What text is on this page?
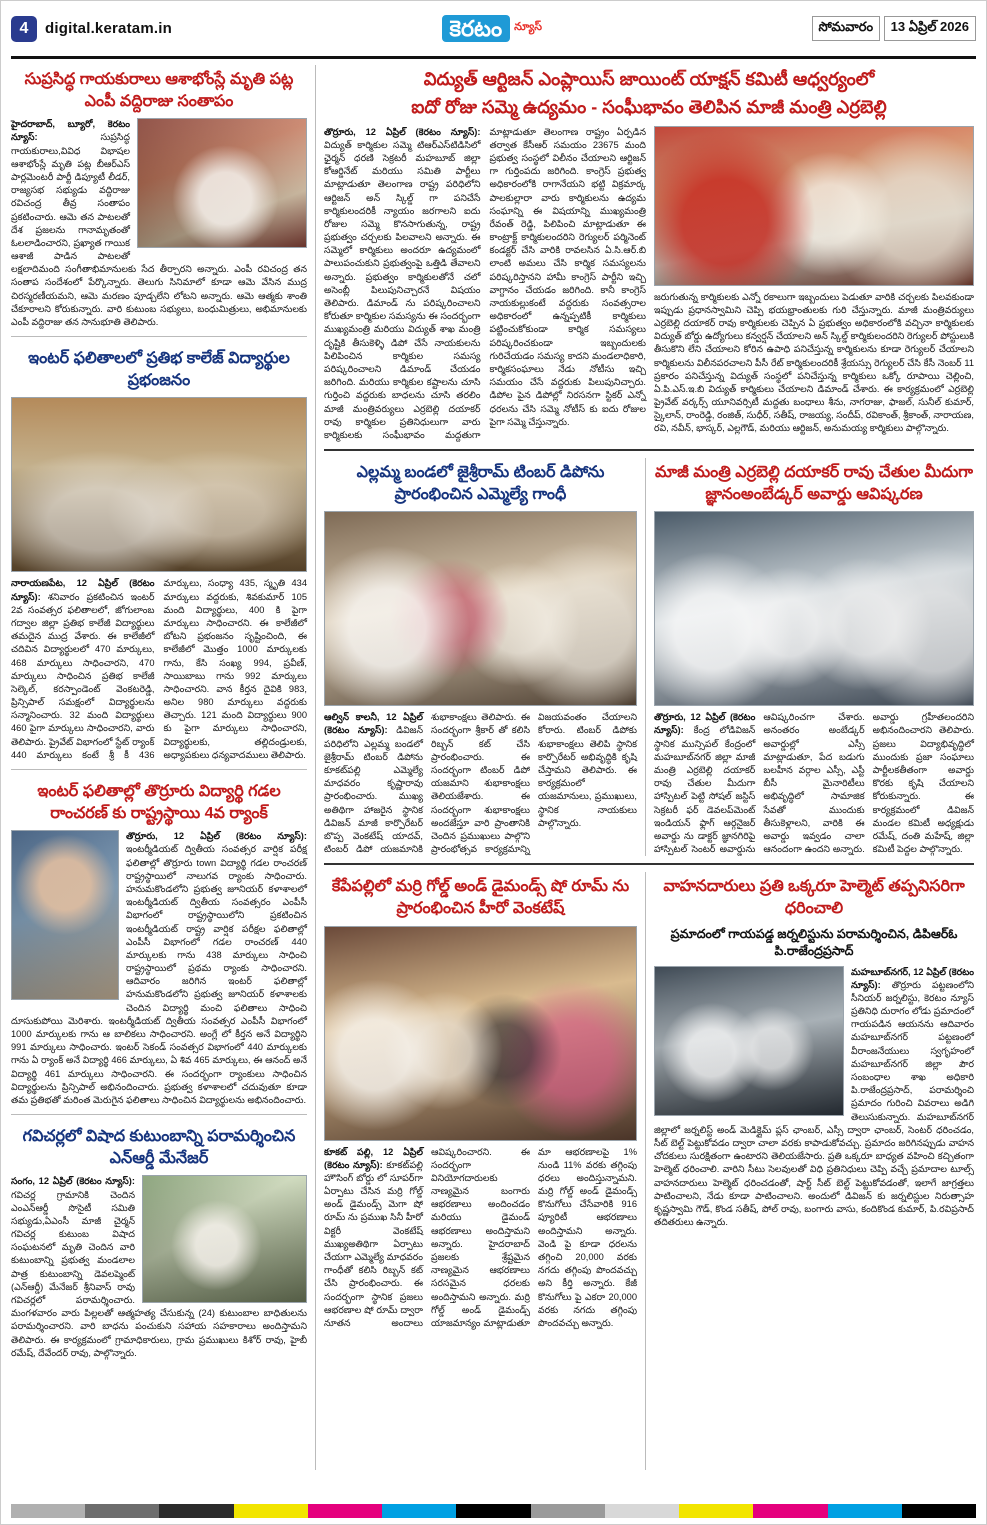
4	digital.keratam.in	కెరటం	న్యూస్	సోమవారం 13 ఏప్రిల్ 2026
సుప్రసిద్ధ గాయకురాలు ఆశాభోంస్లే మృతి పట్ల ఎంపీ వద్దిరాజు సంతాపం
హైదరాబాద్, బ్యూరో, కెరటం న్యూస్:	సుప్రసిద్ధ గాయకురాలు,వివిధ విభాషల ఆశాభోంస్లే మృతి పట్ల బీఆర్ఎస్ పార్లమెంటరీ పార్టీ డిప్యూటీ లీడర్, రాజ్యసభ సభ్యుడు వద్దిరాజు రవిచంద్ర తీవ్ర సంతాపం ప్రకటించారు. ఆమె తన పాటలతో దేశ ప్రజలను గానామృతంతో ఓలలాడించారని, ప్రఖ్యాత గాయిక ఆశాజీ పాడిన పాటలతో లక్షలాదిమంది సంగీతాభిమానులకు సేద తీర్చారని అన్నారు. ఎంపీ రవిచంద్ర తన సంతాప సందేశంలో పేర్కొన్నారు. తెలుగు సినిమాలో కూడా ఆమె వేసిన ముద్ర చిరస్మరణీయమని, ఆమె మరణం పూడ్చలేని లోటని అన్నారు. ఆమె ఆత్మకు శాంతి చేకూరాలని కోరుకున్నారు. వారి కుటుంబ సభ్యులు, బంధుమిత్రులు, అభిమానులకు ఎంపీ వద్దిరాజు తన సానుభూతి తెలిపారు.
ఇంటర్ ఫలితాలలో ప్రతిభ కాలేజ్ విద్యార్థుల ప్రభంజనం
నారాయణపేట, 12 ఏప్రిల్ (కెరటం న్యూస్): శనివారం ప్రకటించిన ఇంటర్ 2వ సంవత్సర ఫలితాలలో, జోగులాంబ గద్వాల జిల్లా ప్రతిభ కాలేజీ విద్యార్థులు తమదైన ముద్ర వేశారు. ఈ కాలేజీలో చదివిన విద్యార్థులలో 470 మార్కులు, 468 మార్కులు సాధించారని, 470 మార్కులు సాధించిన ప్రతిభ కాలేజీ సెల్కెల్, కరస్పాండెంట్ వెంకటరెడ్డి, ప్రిన్సిపాల్ సమక్షంలో విద్యార్థులను సన్మానించారు. 32 మంది విద్యార్థులు 460 పైగా మార్కులు సాధించారని, వారు తెలిపారు. ప్రైవేట్ విభాగంలో స్టేట్ ర్యాంక్ 440 మార్కులు కంటే శ్రీ కీ 436 మార్కులు, సంధ్యా 435, స్మృతి 434 మార్కులు వద్దరుకు, శివకుమార్ 105 మంది విద్యార్థులు, 400 కి పైగా మార్కులు సాధించారని. ఈ కాలేజీలో బోటని ప్రభంజనం సృష్టించింది, ఈ కాలేజీలో మొత్తం 1000 మార్కులకు గాను, కేసి సంఖ్య 994, ప్రవీణ్, సాయిబాబు గాను 992 మార్కులు సాధించారని. వాన కీర్తన దైవికి 983, అనిల 980 మార్కులు వద్దరుకు తెచ్చారు. 121 మంది విద్యార్థులు 900 కు పైగా మార్కులు సాధించారని, విద్యార్థులకు, తల్లిదండ్రులకు, అధ్యాపకులు ధన్యవాదములు తెలిపారు.
ఇంటర్ ఫలితాల్లో తొర్రూరు విద్యార్థి గడల రాంచరణ్ కు రాష్ట్రస్థాయి 4వ ర్యాంక్
తొర్రూరు, 12 ఏప్రిల్ (కెరటం న్యూస్): ఇంటర్మీడియట్ ద్వితీయ సంవత్సర వార్షిక పరీక్ష ఫలితాల్లో తొర్రూరు town విద్యార్థి గడల రాంచరణ్ రాష్ట్రస్థాయిలో నాలుగవ ర్యాంకు సాధించారు. హనుమకొండలోని ప్రభుత్వ జూనియర్ కళాశాలలో ఇంటర్మీడియట్ ద్వితీయ సంవత్సరం ఎంపీసీ విభాగంలో రాష్ట్రస్థాయిలోని ప్రకటించిన ఇంటర్మీడియట్ రాష్ట్ర వార్షిక పరీక్షల ఫలితాల్లో ఎంపీసీ విభాగంలో గడల రాంచరణ్ 440 మార్కులకు గాను 438 మార్కులు సాధించి రాష్ట్రస్థాయిలో ప్రథమ ర్యాంకు సాధించారని. ఆదివారం జరిగిన ఇంటర్ ఫలితాల్లో హనుమకొండలోని ప్రభుత్వ జూనియర్ కళాశాలకు చెందిన విద్యార్థి మంచి ఫలితాలు సాధించి దూసుకుపోయి మెరిశారు. ఇంటర్మీడియట్ ద్వితీయ సంవత్సర ఎంపీసీ విభాగంలో 1000 మార్కులకు గాను ఆ బాలికలు సాధించారని. అంగ్లే లో కీర్తన అనే విద్యార్థిని 991 మార్కులు సాధించారు. ఇంటర్ సెకండ్ సంవత్సర విభాగంలో 440 మార్కులకు గాను ఏ ర్యాంక్ అనే విద్యార్థి 466 మార్కులు, ఏ శివ 465 మార్కులు, ఈ ఆనంద్ అనే విద్యార్థి 461 మార్కులు సాధించారని. ఈ సందర్భంగా ర్యాంకులు సాధించిన విద్యార్థులను ప్రిన్సిపాల్ అభినందించారు. ప్రభుత్వ కళాశాలలో చదువుతూ కూడా తమ ప్రతిభతో మరింత మెరుగైన ఫలితాలు సాధించిన విద్యార్థులను అభినందించారు.
గవిచర్లలో విషాద కుటుంబాన్ని పరామర్శించిన ఎన్ఆర్డీ మేనేజర్
సంగం, 12 ఏప్రిల్ (కెరటం న్యూస్): గవిచర్ల గ్రామానికి చెందిన ఎంఎన్ఆర్డీ సొసైటీ సమితి సభ్యుడు,ఏఎంసీ మాజీ చైర్మన్ గవిచర్ల కుటుంబ విషాద సంఘటనలో మృతి చెందిన వారి కుటుంబాన్ని ప్రభుత్వ మండలాల పాత్ర కుటుంబాన్ని డెవలప్మెంట్ (ఎన్ఆర్డీ) మేనేజర్ శ్రీనివాస్ రావు గవిచర్లలో పరామర్శించారు. మంగళవారం వారు పిల్లలతో ఆత్మహత్య చేసుకున్న (24) కుటుంబాల బాధితులను పరామర్శించారని. వారి బాధను పంచుకుని సహాయ సహకారాలు అందిస్తామని తెలిపారు. ఈ కార్యక్రమంలో గ్రామాధికారులు, గ్రామ ప్రముఖులు కిశోర్ రావు, హైబీ రమేష్, దేవేందర్ రావు, పాల్గొన్నారు.
విద్యుత్ ఆర్టిజన్ ఎంప్లాయిస్ జాయింట్ యాక్షన్ కమిటీ ఆధ్వర్యంలో
ఐదో రోజు సమ్మె ఉద్యమం - సంఘీభావం తెలిపిన మాజీ మంత్రి ఎర్రబెల్లి
తొర్రూరు, 12 ఏప్రిల్ (కెరటం న్యూస్): విద్యుత్ కార్మికుల సమ్మె టిఆర్ఎస్‌టిడిసిలో ఛైర్మన్ ధరణి సెక్రటరీ మహబూబ్ జిల్లా కోఆర్డినేట్ మరియు సమితి పార్టీలు మాట్లాడుతూ తెలంగాణ రాష్ట్ర పరిధిలోని ఆర్టిజన్ అన్ స్కిల్డ్ గా పనిచేసే కార్మికులందరికీ న్యాయం జరగాలని ఐదు రోజుల సమ్మె కొనసాగుతున్న, రాష్ట్ర ప్రభుత్వం చర్చలకు పిలవాలని అన్నారు. ఈ సమ్మెలో కార్మికులు అందరూ ఉద్యమంలో పాలుపంచుకుని ప్రభుత్వంపై ఒత్తిడి తేవాలని అన్నారు. ప్రభుత్వం కార్మికులతోనే చలో అసెంబ్లీ పిలుపునిచ్చారనే విషయం తెలిపారు. డిమాండ్ ను పరిష్కరించాలని కోరుతూ కార్మికుల సమస్యను ఈ సందర్భంగా ముఖ్యమంత్రి మరియు విద్యుత్ శాఖ మంత్రి దృష్టికి తీసుకెళ్ళి డిపో చేసే నాయకులను పిలిపించిన కార్మికుల సమస్య పరిష్కరించాలని డిమాండ్ చేయడం జరిగింది. మరియు కార్మికుల కష్టాలను చూసి గుర్తించి వద్దరుకు బాధలను చూసి తరలిం మాజీ మంత్రివర్యులు ఎర్రబెల్లి దయాకర్ రావు కార్మికుల ప్రతినిధులుగా వారు కార్మికులకు సంఘీభావం మద్దతుగా మాట్లాడుతూ తెలంగాణ రాష్ట్రం ఏర్పడిన తర్వాత కేసీఆర్ సమయం 23675 మంది ప్రభుత్వ సంస్థలో విలీనం చేయాలని ఆర్టిజన్ గా గుర్తింపదు జరిగింది. కాంగ్రెస్ ప్రభుత్వ అధికారంలోకి రాగానేయని భట్టి విక్రమార్క పాలకుల్లారా వారు కార్మికులను ఉద్యమ సంఘాన్ని ఈ విషయాన్ని ముఖ్యమంత్రి రేవంత్ రెడ్డి, పిలిపించి మాట్లాడుతూ ఈ కాంట్రాక్ట్ కార్మికులందరిని రెగ్యులర్ పర్మినెంట్ కండక్టర్ చేసి వారికి రావలసిన ఏ.సి.ఆర్.బి లాంటి అమలు చేసి కార్మిక సమస్యలను పరిష్కరిస్తానని హామీ కాంగ్రెస్ పార్టీని ఇచ్చి వాగ్దానం చేయడం జరిగింది. కానీ కాంగ్రెస్ నాయకుల్లుకంటే వద్దరుకు సంవత్సరాల అధికారంలో ఉన్నప్పటికీ కార్మికులు పట్టించుకోకుండా కార్మిక సమస్యలు పరిష్కరించకుండా ఇబ్బందులకు గురిచేయడం సమస్య కాదని మండలాధికారి, కార్మికసంఘాలు నేడు నోటీసు ఇచ్చి సమయం చేసే వద్దరుకు పిలుపునిచ్చారు. డిపోల పైన డిపోల్లో నిరసనగా స్టికర్ ఎన్నో ధరలను చేసి సమ్మె నోటీస్ కు ఐదు రోజుల పైగా సమ్మె చేస్తున్నారు.
జరుగుతున్న కార్మికులకు ఎన్నో రకాలుగా ఇబ్బందులు పెడుతూ వారికి చర్చలకు పిలవకుండా ఇప్పుడు ప్రధానస్వామిని చెప్పి భయభ్రాంతులకు గురి చేస్తున్నారు. మాజీ మంత్రివర్యులు ఎర్రబెల్లి దయాకర్ రావు కార్మికులకు చెప్పిన ఏ ప్రభుత్వం అధికారంలోకి వచ్చినా కార్మికులకు విద్యుత్ బోర్డు ఉద్యోగులు కన్వర్షన్ చేయాలని అన్ స్కిల్డ్ కార్మికులందరిని రెగ్యులర్ పోస్టులుకి తీసుకొని లేని చేయాలని కోరిన ఉపాధి పనిచేస్తున్న కార్మికులను కూడా రెగ్యులర్ చేయాలని కార్మికులను విలీనపరచాలని పీసీ రేట్ కార్మికులందరికీ శ్రేయస్సు రెగ్యులర్ చేసి కేసీ నెంబర్ 11 ప్రకారం పనిచేస్తున్న విద్యుత్ సంస్థలో పనిచేస్తున్న కార్మికులు ఒక్కో రూపాయి చెల్లించి, ఏ.పి.ఎస్.ఇ.బి విద్యుత్ కార్మికులు చేయాలని డిమాండ్ చేశారు. ఈ కార్యక్రమంలో ఎర్రబెల్లి ప్రైవేట్ వర్కర్స్ యూనివర్సిటీ మద్దతు బంధాలు శీను, నాగరాజు, ఫాజల్, సునీల్ కుమార్, స్కైలాన్, రాంరెడ్డి, రంజిత్, సుధీర్, సతీష్, రాజయ్య, సందీప్, రవికాంత్, శ్రీకాంత్, నారాయణ, రవి, నవీన్, భాస్కర్, ఎల్లగౌడ్, మరియు ఆర్టిజన్, అనుమయ్య కార్మికులు పాల్గొన్నారు.
ఎల్లమ్మ బండలో జైశ్రీరామ్ టింబర్ డిపోను ప్రారంభించిన ఎమ్మెల్యే గాంధీ
ఆల్విన్ కాలనీ, 12 ఏప్రిల్ (కెరటం న్యూస్): డివిజన్ పరిధిలోని ఎల్లమ్మ బండలో జైశ్రీరామ్ టింబర్ డిపోను కూకట్‌పల్లి ఎమ్మెల్యే మాధవరం కృష్ణారావు ప్రారంభించారు. ముఖ్య అతిథిగా హాజరైన స్థానిక డివిజన్ మాజీ కార్పొరేటర్ బొప్ప వెంకటేష్ యాదవ్, టింబర్ డిపో యజమానికి శుభాకాంక్షలు తెలిపారు. ఈ సందర్భంగా శ్రీకార్ తో కలిసి రిబ్బన్ కట్ చేసి ప్రారంభించారు. ఈ సందర్భంగా టింబర్ డిపో యజమాని శుభాకాంక్షలు తెలియజేశారు. ఈ సందర్భంగా శుభాకాంక్షలు అందజేస్తూ వారి ప్రాంతానికి చెందిన ప్రముఖులు పాల్గొని ప్రారంభోత్సవ కార్యక్రమాన్ని విజయవంతం చేయాలని కోరారు. టింబర్ డిపోకు శుభాకాంక్షలు తెలిపి స్థానిక కార్పొరేటర్ అభివృద్ధికి కృషి చేస్తామని తెలిపారు. ఈ కార్యక్రమంలో యజమానులు, ప్రముఖులు, స్థానిక నాయకులు పాల్గొన్నారు.
మాజీ మంత్రి ఎర్రబెల్లి దయాకర్ రావు చేతుల మీదుగా జ్ఞానంఅంబేడ్కర్ అవార్డు ఆవిష్కరణ
తొర్రూరు, 12 ఏప్రిల్ (కెరటం న్యూస్): కేంద్ర లోడివిజన్ స్థానిక మున్సిపల్ కేంద్రంలో మహబూబ్‌నగర్ జిల్లా మాజీ మంత్రి ఎర్రబెల్లి దయాకర్ రావు చేతుల మీదుగా హాస్పిటల్ పెట్టి సోషల్ జస్టిస్ సెక్రటరీ ఫర్ డెవలప్‌మెంట్ ఇండియన్ ఫ్లాగ్ ఆర్గనైజర్ అవార్డు ను డాక్టర్ జ్ఞానగిరిపై హాస్పిటల్ సెంటర్ అవార్డును ఆవిష్కరించగా చేశారు. అనంతరం అంబేడ్కర్ అవార్డుల్లో ఎస్సీ మాట్లాడుతూ, పేద బడుగు బలహీన వర్గాల ఎస్సీ, ఎస్టీ బీసీ మైనారిటీలు అభివృద్ధిలో సామాజిక సేవతో ముందుకు తీసుకెళ్లాలని, వారికి ఈ అవార్డు ఇవ్వడం చాలా ఆనందంగా ఉందని అన్నారు. అవార్డు గ్రహీతలందరిని అభినందించారని తెలిపారు. ప్రజలు విద్యాభివృద్ధిలో ముందుకు ప్రజా సంఘాలు పార్టీలకతీతంగా అవార్డు కొరకు కృషి చేయాలని కోరుకున్నారు. ఈ కార్యక్రమంలో డివిజన్ మండల కమిటీ అధ్యక్షుడు రమేష్, దంతి మహేష్, జిల్లా కమిటీ పెద్దల పాల్గొన్నారు.
కేపేపల్లిలో మర్రి గోల్డ్ అండ్ డైమండ్స్ షో రూమ్ ను ప్రారంభించిన హీరో వెంకటేష్
కూకట్ పల్లి, 12 ఏప్రిల్ (కెరటం న్యూస్): కూకట్‌పల్లి హౌసింగ్ బోర్డు లో సూపర్‌గా ఏర్పాటు చేసిన మర్రి గోల్డ్ అండ్ డైమండ్స్ మెగా షో రూమ్ ను ప్రముఖ సినీ హీరో విక్టరీ వెంకటేష్ ముఖ్యఅతిథిగా ఏర్పాటు చేయగా ఎమ్మెల్యే మాధవరం గాంధీతో కలిసి రిబ్బన్ కట్ చేసి ప్రారంభించారు. ఈ సందర్భంగా స్థానిక ప్రజలు ఆభరణాల షో రూమ్ ద్వారా నూతన అందాలు ఆవిష్కరించారని. ఈ సందర్భంగా వినియోగదారులకు నాణ్యమైన బంగారు ఆభరణాలు అందించడం మరియు డైమండ్ ఆభరణాలు అందిస్తామని అన్నారు. హైదరాబాద్ ప్రజలకు శ్రేష్టమైన నాణ్యమైన ఆభరణాలు సరసమైన ధరలకు అందిస్తామని అన్నారు. మర్రి గోల్డ్ అండ్ డైమండ్స్ యాజమాన్యం మాట్లాడుతూ మా ఆభరణాలపై 1% నుండి 11% వరకు తగ్గింపు ధరలు అందిస్తున్నామని. మర్రి గోల్డ్ అండ్ డైమండ్స్ కొనుగోలు చేసేవారికి 916 ప్యూరిటీ ఆభరణాలు అందిస్తామని అన్నారు. వెండి పై కూడా ధరలను తగ్గించి 20,000 వరకు నగదు తగ్గింపు పొందవచ్చు అని కీర్తి అన్నారు. కేజీ కొనుగోలు పై ఎకరా 20,000 వరకు నగదు తగ్గింపు పొందవచ్చు అన్నారు.
వాహనదారులు ప్రతి ఒక్కరూ హెల్మెట్ తప్పనిసరిగా ధరించాలి
ప్రమాదంలో గాయపడ్డ జర్నలిస్టును పరామర్శించిన, డిపిఆర్ఓ పి.రాజేంద్రప్రసాద్
మహబూబ్‌నగర్, 12 ఏప్రిల్ (కెరటం న్యూస్): తొర్రూరు పట్టణంలోని సీనియర్ జర్నలిస్టు, కెరటం న్యూస్ ప్రతినిధి దురాగం లోడు ప్రమాదంలో గాయపడిన ఆయనను ఆదివారం మహబూబ్‌నగర్ పట్టణంలో వీరాంజనేయులు స్వగృహంలో మహబూబ్‌నగర్ జిల్లా పౌర సంబంధాల శాఖ అధికారి పి.రాజేంద్రప్రసాద్, పరామర్శించి ప్రమాదం గురించి వివరాలు అడిగి తెలుసుకున్నారు. మహబూబ్‌నగర్ జిల్లాలో జర్నలిస్ట్ అండ్ మెడిక్లైమ్ ప్లస్ ఛాంబర్, ఎస్సీ ద్వారా ఛాంబర్, సెంటర్ ధరించడం, సీట్ బెల్ట్ పెట్టుకోవడం ద్వారా చాలా వరకు కాపాడుకోవచ్చు. ప్రమాదం జరిగినప్పుడు వాహన చోదకులు సురక్షితంగా ఉంటారని తెలియజేసారు. ప్రతి ఒక్కరూ బాధ్యత వహించి కచ్చితంగా హెల్మెట్ ధరించాలి. వారిని సీటు సెలవులతో విధి ప్రతినిధులు చెప్పి వచ్చే ప్రమాదాల టూల్స్ వాహనదారులు హెల్మెట్ ధరించడంతో, షార్ట్ సీట్ బెల్ట్ పెట్టుకోవడంతో, ఇలాగే జాగ్రత్తలు పాటించాలని, నేడు కూడా పాటించాలని. అందులో డివిజన్ కు జర్నలిస్టుల నిరుత్సాహ కృష్ణస్వామి గౌడ్, కొండ సతీష్, పోల్ రావు, బంగారు వాసు, కందికొండ కుమార్, పి.రవిప్రసాద్ తదితరులు ఉన్నారు.
